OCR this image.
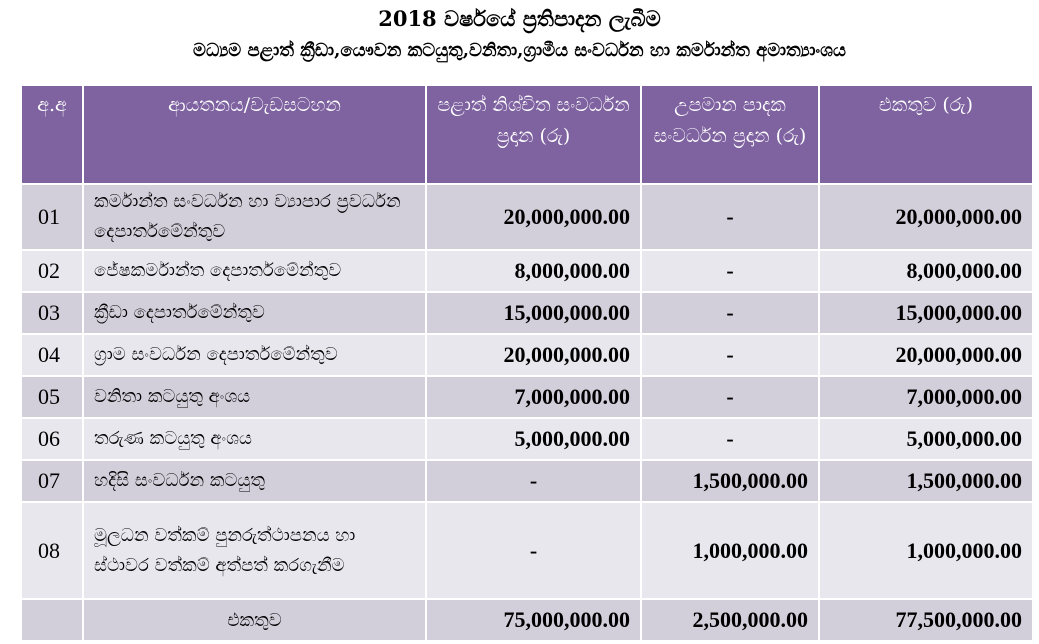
2018 වර්ෂයේ ප්‍රතිපාදන ලැබීම
මධ්‍යම පළාත් ක්‍රීඩා,යෞවන කටයුතු,වනිතා,ග්‍රාමීය සංවර්ධන හා කර්මාන්ත අමාත්‍යාංශය
අ.අ	ආයතනය/වැඩසටහන	පළාත් නිශ්චිත සංවර්ධන ප්‍රදාන (රු)	උපමාන පාදක සංවර්ධන ප්‍රදාන (රු)	එකතුව (රු)
01	කර්මාන්ත සංවර්ධන හා ව්‍යාපාර ප්‍රවර්ධන දෙපාර්තමේන්තුව	20,000,000.00	-	20,000,000.00
02	ජේෂකර්මාන්ත දෙපාර්තමේන්තුව	8,000,000.00	-	8,000,000.00
03	ක්‍රීඩා දෙපාර්තමේන්තුව	15,000,000.00	-	15,000,000.00
04	ග්‍රාම සංවර්ධන දෙපාර්තමේන්තුව	20,000,000.00	-	20,000,000.00
05	වනිතා කටයුතු අංශය	7,000,000.00	-	7,000,000.00
06	තරුණ කටයුතු අංශය	5,000,000.00	-	5,000,000.00
07	හදිසි සංවර්ධන කටයුතු	-	1,500,000.00	1,500,000.00
08	මූලධන වත්කම් පුනරුත්ථාපනය හා ස්ථාවර වත්කම් අත්පත් කරගැනීම	-	1,000,000.00	1,000,000.00
	එකතුව	75,000,000.00	2,500,000.00	77,500,000.00
